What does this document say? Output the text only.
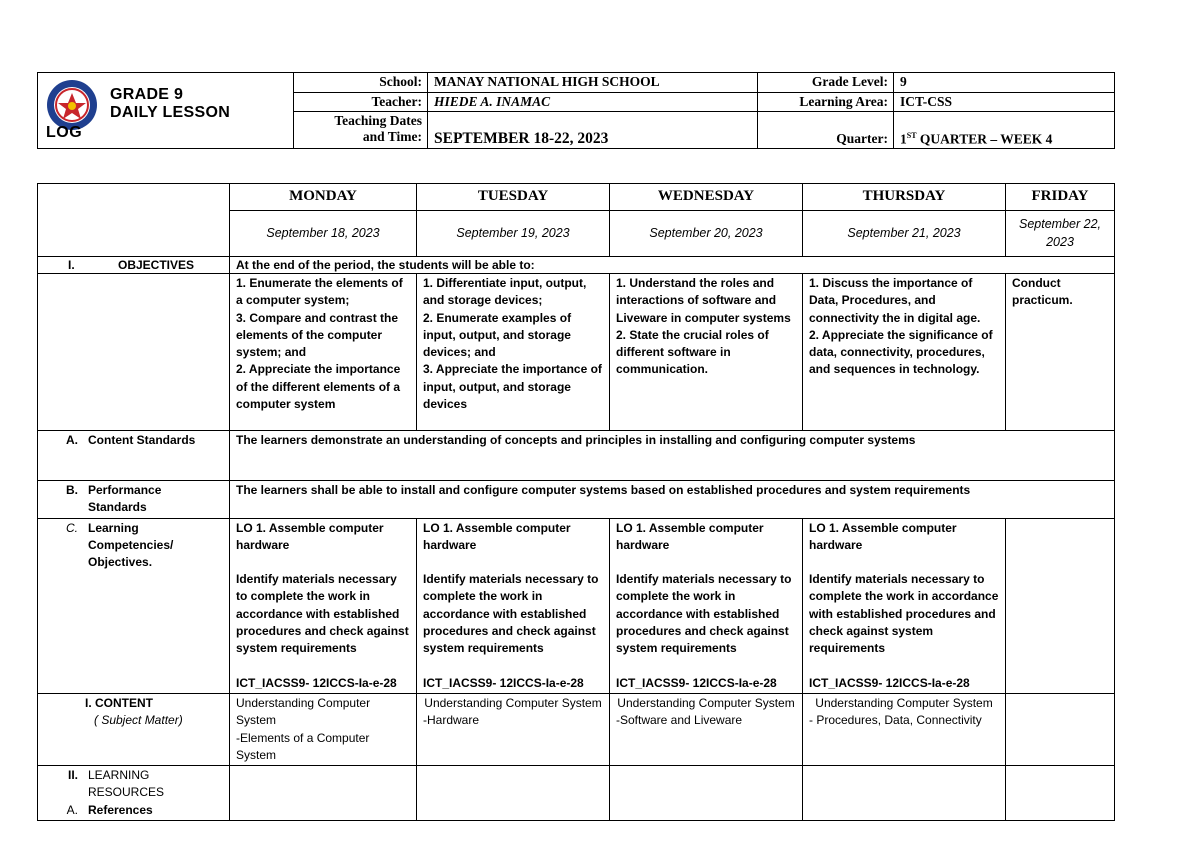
GRADE 9
DAILY LESSON
LOG	School:	MANAY NATIONAL HIGH SCHOOL	Grade Level:	9
	Teacher:	HIEDE A. INAMAC	Learning Area:	ICT-CSS

	Teaching Dates
and Time:	SEPTEMBER 18-22, 2023	Quarter:	1ST QUARTER – WEEK 4
	MONDAY	TUESDAY	WEDNESDAY	THURSDAY	FRIDAY
	September 18, 2023	September 19, 2023	September 20, 2023	September 21, 2023	September 22, 2023

I. OBJECTIVES	At the end of the period, the students will be able to:				

	1. Enumerate the elements of a computer system;
3. Compare and contrast the elements of the computer system; and
2. Appreciate the importance of the different elements of a computer system	1. Differentiate input, output, and storage devices;
2. Enumerate examples of input, output, and storage devices; and
3. Appreciate the importance of input, output, and storage devices	1. Understand the roles and interactions of software and Liveware in computer systems
2. State the crucial roles of different software in communication.	1. Discuss the importance of Data, Procedures, and connectivity the in digital age.
2. Appreciate the significance of data, connectivity, procedures, and sequences in technology.	Conduct practicum.

A. Content Standards	The learners demonstrate an understanding of concepts and principles in installing and configuring computer systems				

B. Performance Standards	The learners shall be able to install and configure computer systems based on established procedures and system requirements				

C. Learning Competencies/ Objectives.	LO 1. Assemble computer hardware
Identify materials necessary to complete the work in accordance with established procedures and check against system requirements
ICT_IACSS9- 12ICCS-Ia-e-28	LO 1. Assemble computer hardware
Identify materials necessary to complete the work in accordance with established procedures and check against system requirements
ICT_IACSS9- 12ICCS-Ia-e-28	LO 1. Assemble computer hardware
Identify materials necessary to complete the work in accordance with established procedures and check against system requirements
ICT_IACSS9- 12ICCS-Ia-e-28	LO 1. Assemble computer hardware
Identify materials necessary to complete the work in accordance with established procedures and check against system requirements
ICT_IACSS9- 12ICCS-Ia-e-28	

I. CONTENT
( Subject Matter)	Understanding Computer System
-Elements of a Computer System	Understanding Computer System
-Hardware	Understanding Computer System
-Software and Liveware	Understanding Computer System
- Procedures, Data, Connectivity	

II. LEARNING RESOURCES
A. References					
